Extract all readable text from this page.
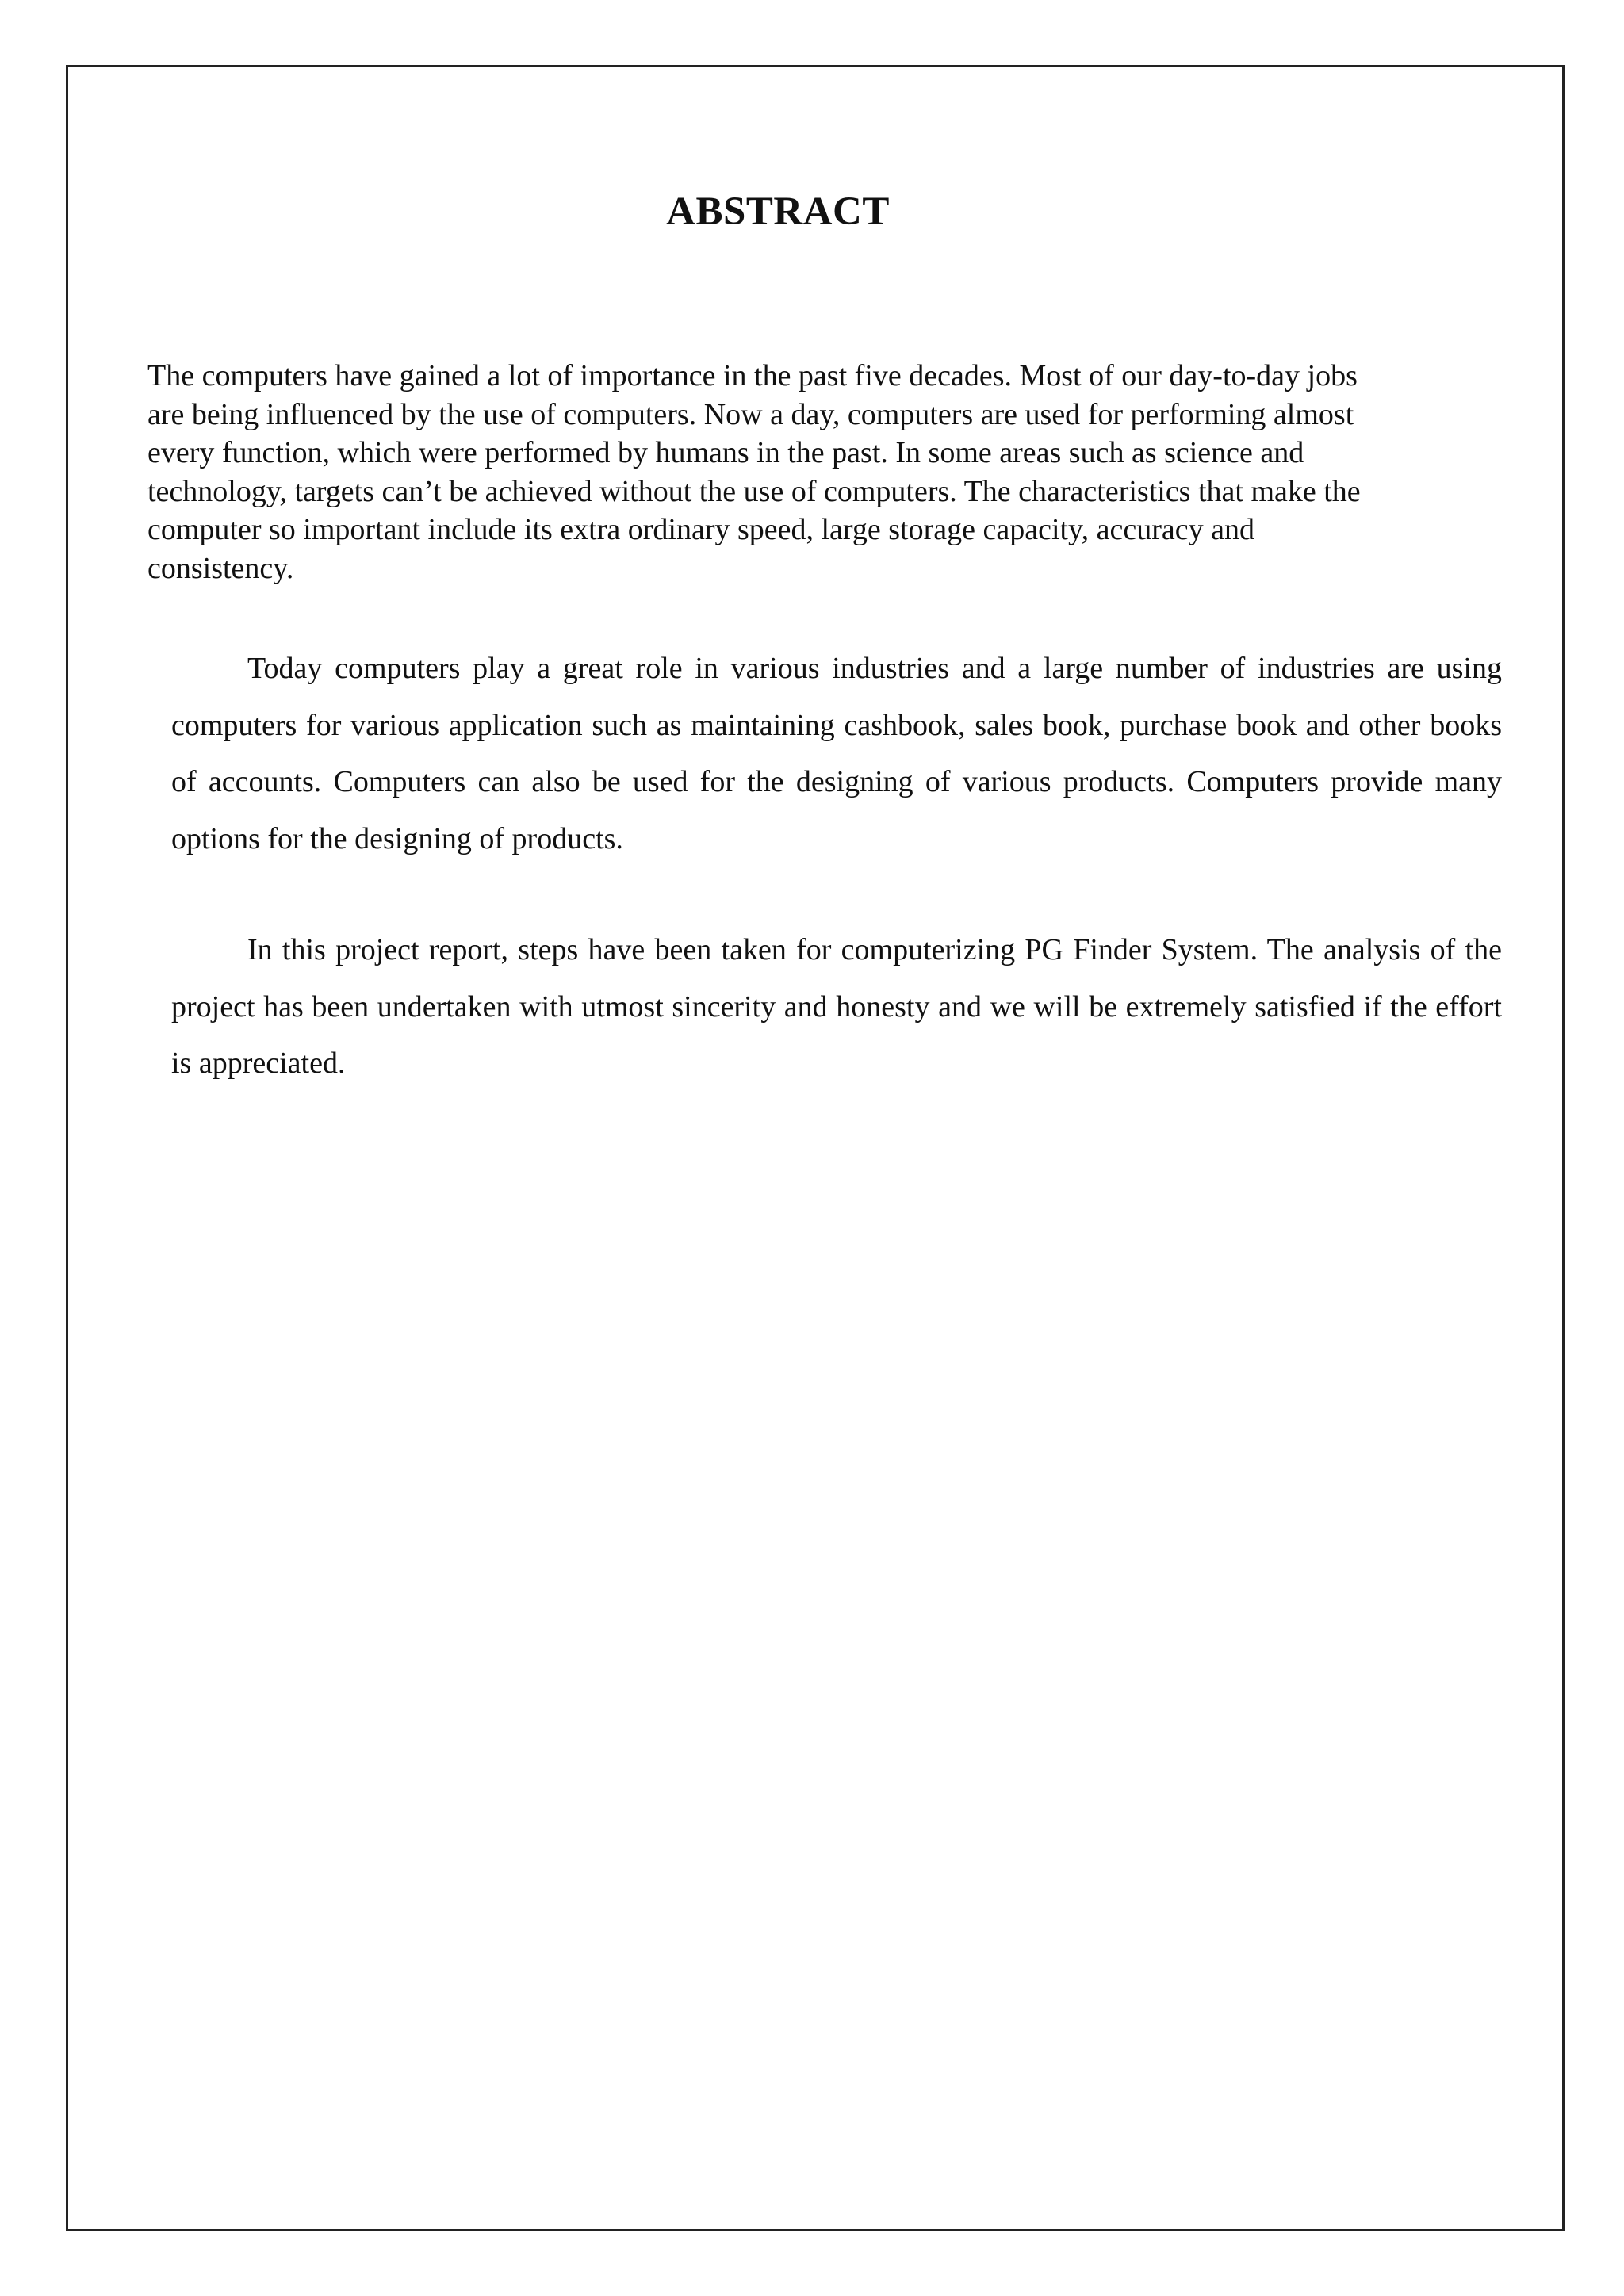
ABSTRACT

The computers have gained a lot of importance in the past five decades. Most of our day-to-day jobs
are being influenced by the use of computers. Now a day, computers are used for performing almost
every function, which were performed by humans in the past. In some areas such as science and
technology, targets can’t be achieved without the use of computers. The characteristics that make the
computer so important include its extra ordinary speed, large storage capacity, accuracy and
consistency.

Today computers play a great role in various industries and a large number of industries are using computers for various application such as maintaining cashbook, sales book, purchase book and other books of accounts. Computers can also be used for the designing of various products. Computers provide many options for the designing of products.

In this project report, steps have been taken for computerizing PG Finder System. The analysis of the project has been undertaken with utmost sincerity and honesty and we will be extremely satisfied if the effort is appreciated.
